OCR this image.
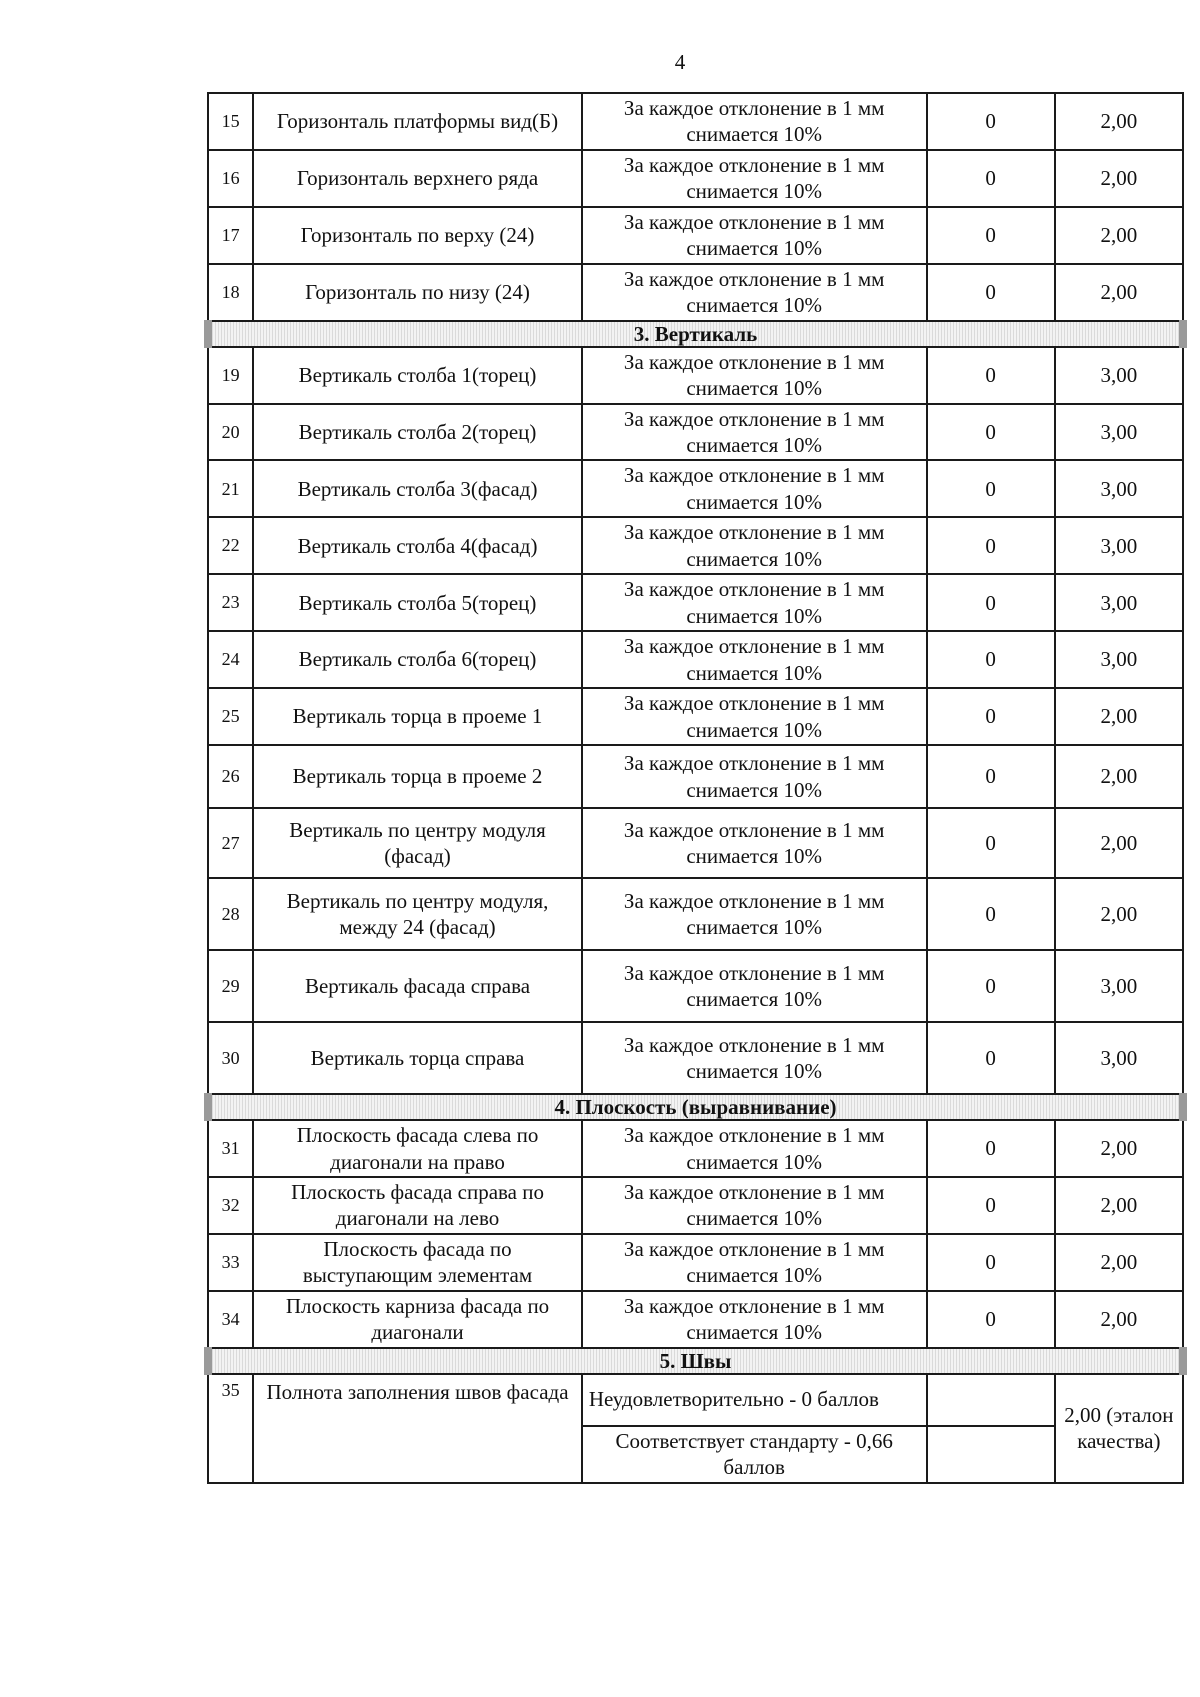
4
15	Горизонталь платформы вид(Б)	За каждое отклонение в 1 мм снимается 10%	0	2,00
16	Горизонталь верхнего ряда	За каждое отклонение в 1 мм снимается 10%	0	2,00
17	Горизонталь по верху (24)	За каждое отклонение в 1 мм снимается 10%	0	2,00
18	Горизонталь по низу (24)	За каждое отклонение в 1 мм снимается 10%	0	2,00
3. Вертикаль				
19	Вертикаль столба 1(торец)	За каждое отклонение в 1 мм снимается 10%	0	3,00
20	Вертикаль столба 2(торец)	За каждое отклонение в 1 мм снимается 10%	0	3,00
21	Вертикаль столба 3(фасад)	За каждое отклонение в 1 мм снимается 10%	0	3,00
22	Вертикаль столба 4(фасад)	За каждое отклонение в 1 мм снимается 10%	0	3,00
23	Вертикаль столба 5(торец)	За каждое отклонение в 1 мм снимается 10%	0	3,00
24	Вертикаль столба 6(торец)	За каждое отклонение в 1 мм снимается 10%	0	3,00
25	Вертикаль торца в проеме 1	За каждое отклонение в 1 мм снимается 10%	0	2,00
26	Вертикаль торца в проеме 2	За каждое отклонение в 1 мм снимается 10%	0	2,00
27	Вертикаль по центру модуля (фасад)	За каждое отклонение в 1 мм снимается 10%	0	2,00
28	Вертикаль по центру модуля, между 24 (фасад)	За каждое отклонение в 1 мм снимается 10%	0	2,00
29	Вертикаль фасада справа	За каждое отклонение в 1 мм снимается 10%	0	3,00
30	Вертикаль торца справа	За каждое отклонение в 1 мм снимается 10%	0	3,00
4. Плоскость (выравнивание)				
31	Плоскость фасада слева по диагонали на право	За каждое отклонение в 1 мм снимается 10%	0	2,00
32	Плоскость фасада справа по диагонали на лево	За каждое отклонение в 1 мм снимается 10%	0	2,00
33	Плоскость фасада по выступающим элементам	За каждое отклонение в 1 мм снимается 10%	0	2,00
34	Плоскость карниза фасада по диагонали	За каждое отклонение в 1 мм снимается 10%	0	2,00
5. Швы				
35	Полнота заполнения швов фасада	Неудовлетворительно - 0 баллов		2,00 (эталон качества)
		Соответствует стандарту - 0,66 баллов		
